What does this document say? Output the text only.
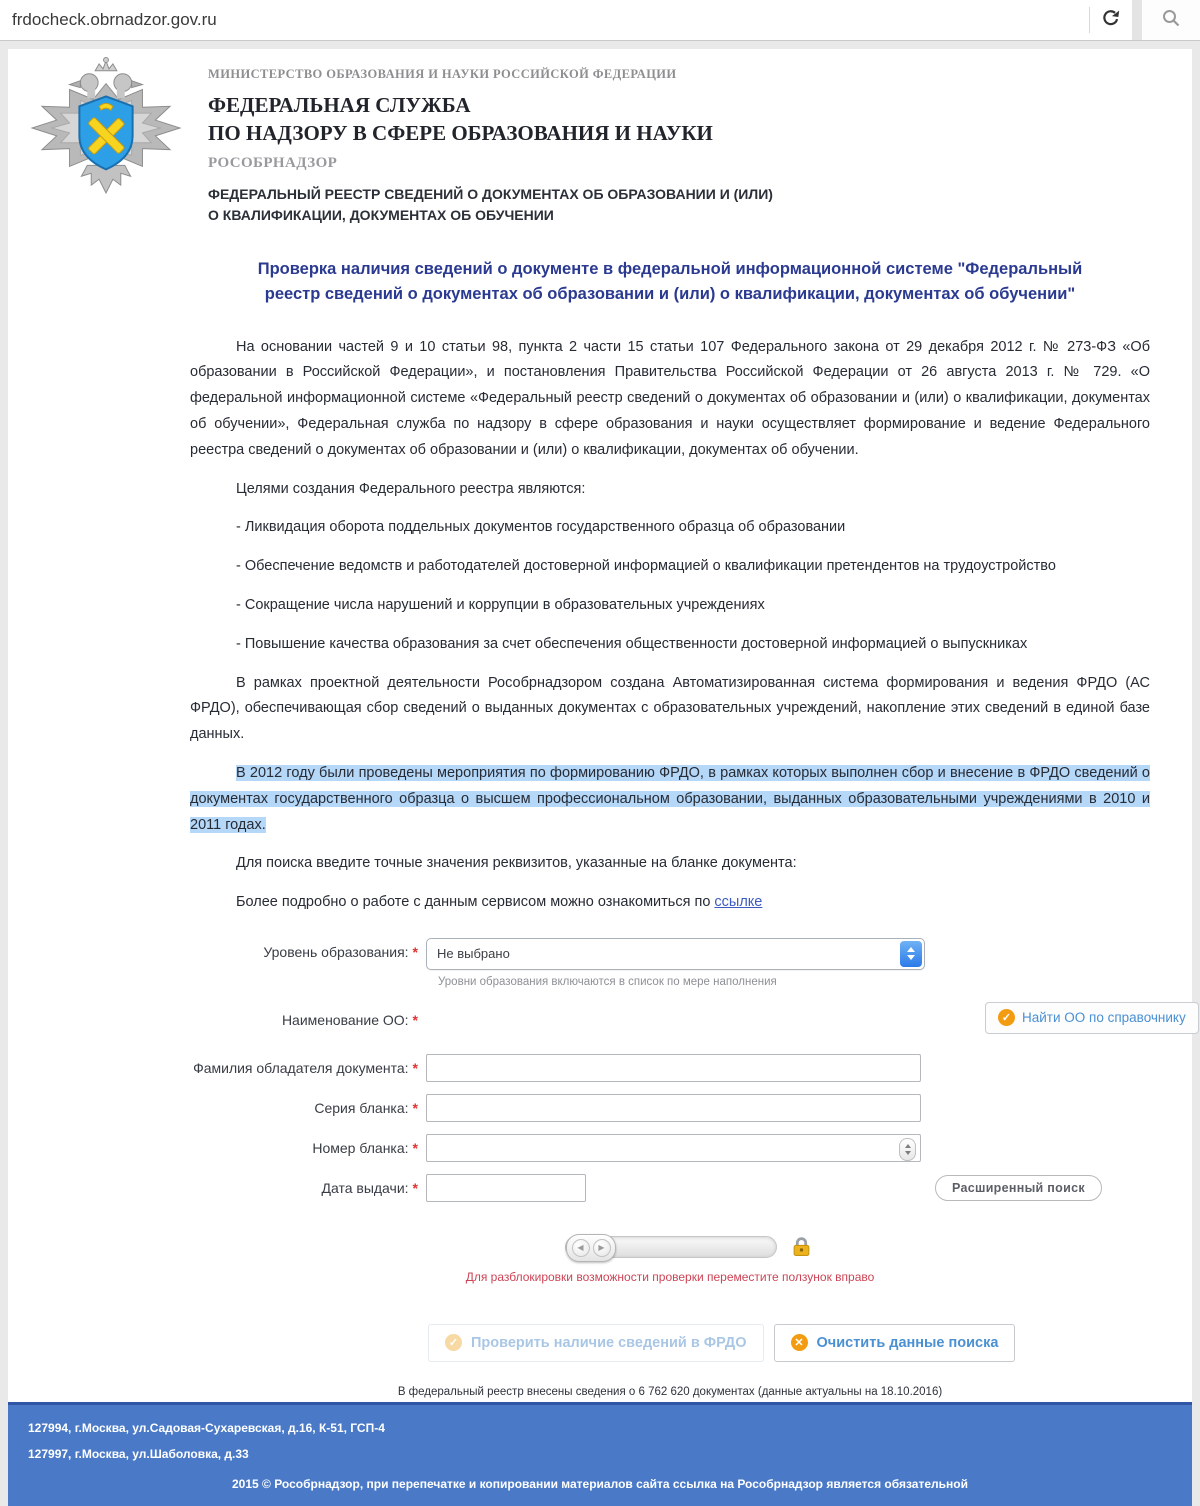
frdocheck.obrnadzor.gov.ru
МИНИСТЕРСТВО ОБРАЗОВАНИЯ И НАУКИ РОССИЙСКОЙ ФЕДЕРАЦИИ
ФЕДЕРАЛЬНАЯ СЛУЖБА
ПО НАДЗОРУ В СФЕРЕ ОБРАЗОВАНИЯ И НАУКИ
РОСОБРНАДЗОР
ФЕДЕРАЛЬНЫЙ РЕЕСТР СВЕДЕНИЙ О ДОКУМЕНТАХ ОБ ОБРАЗОВАНИИ И (ИЛИ)
О КВАЛИФИКАЦИИ, ДОКУМЕНТАХ ОБ ОБУЧЕНИИ
Проверка наличия сведений о документе в федеральной информационной системе "Федеральный реестр сведений о документах об образовании и (или) о квалификации, документах об обучении"

На основании частей 9 и 10 статьи 98, пункта 2 части 15 статьи 107 Федерального закона от 29 декабря 2012 г. № 273-ФЗ «Об образовании в Российской Федерации», и постановления Правительства Российской Федерации от 26 августа 2013 г. № 729. «О федеральной информационной системе «Федеральный реестр сведений о документах об образовании и (или) о квалификации, документах об обучении», Федеральная служба по надзору в сфере образования и науки осуществляет формирование и ведение Федерального реестра сведений о документах об образовании и (или) о квалификации, документах об обучении.

Целями создания Федерального реестра являются:

- Ликвидация оборота поддельных документов государственного образца об образовании

- Обеспечение ведомств и работодателей достоверной информацией о квалификации претендентов на трудоустройство

- Сокращение числа нарушений и коррупции в образовательных учреждениях

- Повышение качества образования за счет обеспечения общественности достоверной информацией о выпускниках

В рамках проектной деятельности Рособрнадзором создана Автоматизированная система формирования и ведения ФРДО (АС ФРДО), обеспечивающая сбор сведений о выданных документах с образовательных учреждений, накопление этих сведений в единой базе данных.

В 2012 году были проведены мероприятия по формированию ФРДО, в рамках которых выполнен сбор и внесение в ФРДО сведений о документах государственного образца о высшем профессиональном образовании, выданных образовательными учреждениями в 2010 и 2011 годах.

Для поиска введите точные значения реквизитов, указанные на бланке документа:

Более подробно о работе с данным сервисом можно ознакомиться по ссылке

Уровень образования: *	Не выбрано
Уровни образования включаются в список по мере наполнения
Наименование ОО: *	✓ Найти ОО по справочнику
Фамилия обладателя документа: *
Серия бланка: *
Номер бланка: *
Дата выдачи: *	Расширенный поиск
◀	▶
Для разблокировки возможности проверки переместите ползунок вправо
✓ Проверить наличие сведений в ФРДО	✕ Очистить данные поиска
В федеральный реестр внесены сведения о 6 762 620 документах (данные актуальны на 18.10.2016)
127994, г.Москва, ул.Садовая-Сухаревская, д.16, К-51, ГСП-4
127997, г.Москва, ул.Шаболовка, д.33
2015 © Рособрнадзор, при перепечатке и копировании материалов сайта ссылка на Рособрнадзор является обязательной
